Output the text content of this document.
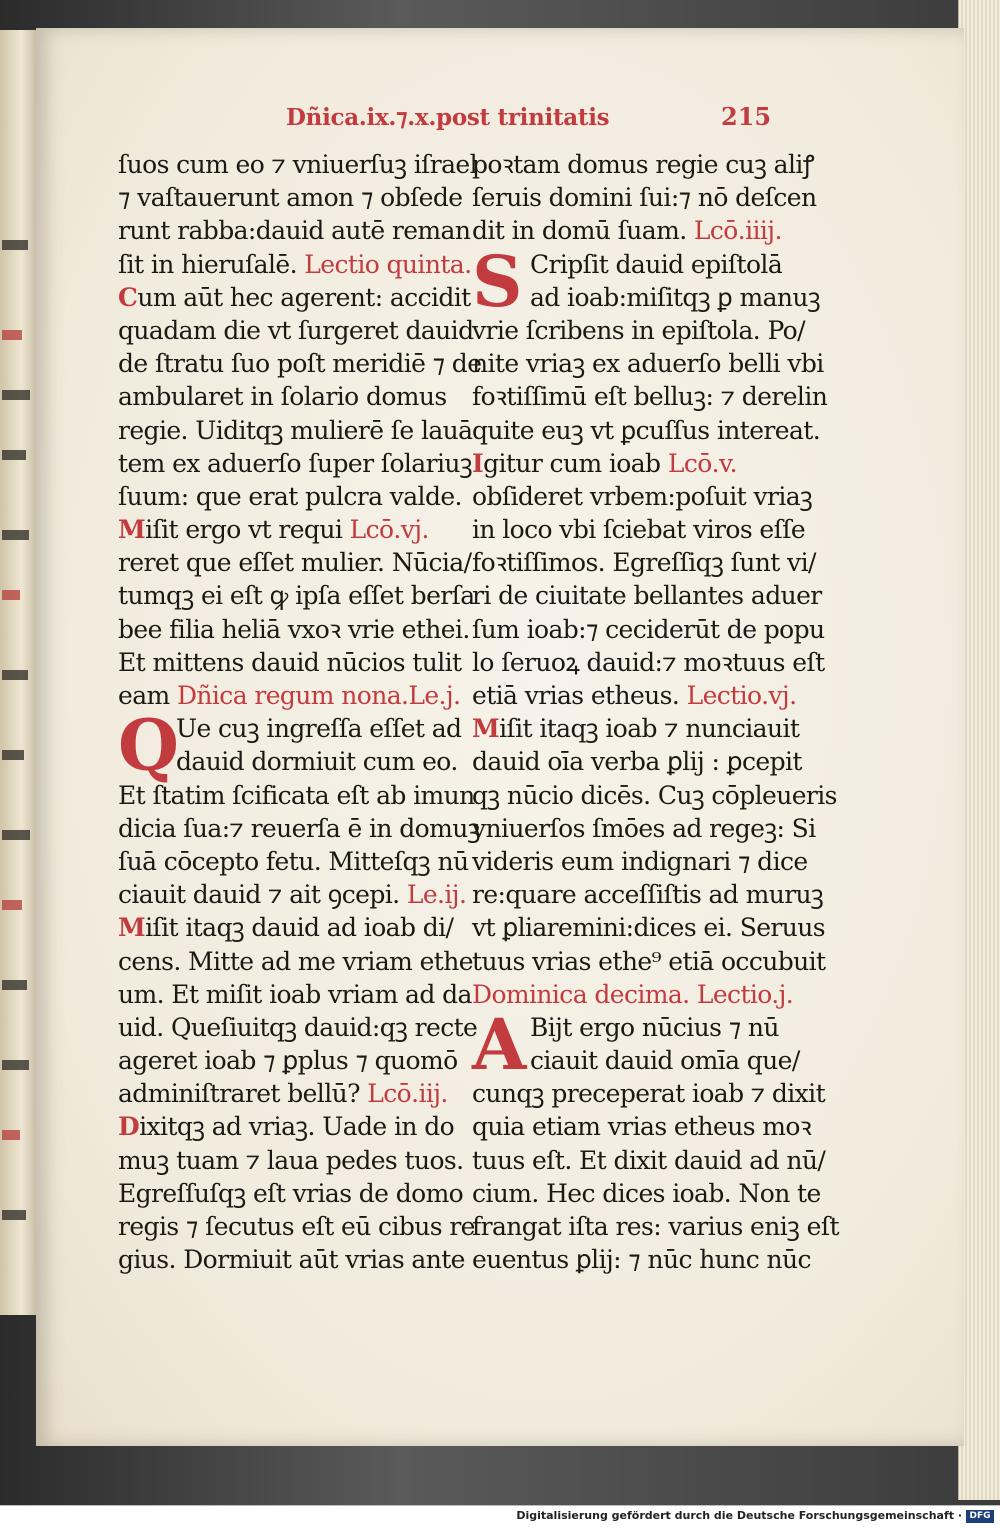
Dñica.ix.⁊.x.post trinitatis	215
ſuos cum eo ⁊ vniuerſuꝫ iſrael
⁊ vaſtauerunt amon ⁊ obſede
runt rabba:dauid autē reman
ſit in hieruſalē. Lectio quinta.
Cum aūt hec agerent: accidit
quadam die vt ſurgeret dauid
de ſtratu ſuo poſt meridiē ⁊ de
ambularet in ſolario domus
regie. Uiditqꝫ mulierē ſe lauā
tem ex aduerſo ſuper ſolariuꝫ
ſuum: que erat pulcra valde.
Miſit ergo vt requi Lcō.vj.
reret que eſſet mulier. Nūcia/
tumqꝫ ei eſt ꝙ ipſa eſſet berſa
bee filia heliā vxoꝛ vrie ethei.
Et mittens dauid nūcios tulit
eam Dñica regum nona.Le.j.
Q
Ue cuꝫ ingreſſa eſſet ad
dauid dormiuit cum eo.
Et ſtatim ſcificata eſt ab imun
dicia ſua:⁊ reuerſa ē in domuꝫ
ſuā cōcepto fetu. Mitteſqꝫ nū
ciauit dauid ⁊ ait ꝯcepi. Le.ij.
Miſit itaqꝫ dauid ad ioab di/
cens. Mitte ad me vriam ethe
um. Et miſit ioab vriam ad da
uid. Queſiuitqꝫ dauid:qꝫ recte
ageret ioab ⁊ ꝑplus ⁊ quomō
adminiſtraret bellū? Lcō.iij.
Dixitqꝫ ad vriaꝫ. Uade in do
muꝫ tuam ⁊ laua pedes tuos.
Egreſſuſqꝫ eſt vrias de domo
regis ⁊ ſecutus eſt eū cibus re
gius. Dormiuit aūt vrias ante
poꝛtam domus regie cuꝫ aliꝭ
ſeruis domini ſui:⁊ nō deſcen
dit in domū ſuam. Lcō.iiij.
S Cripſit dauid epiſtolā
ad ioab:miſitqꝫ ꝑ manuꝫ
vrie ſcribens in epiſtola. Po/
nite vriaꝫ ex aduerſo belli vbi
foꝛtiſſimū eſt belluꝫ: ⁊ derelin
quite euꝫ vt ꝑcuſſus intereat.
Igitur cum ioab Lcō.v.
obſideret vrbem:poſuit vriaꝫ
in loco vbi ſciebat viros eſſe
foꝛtiſſimos. Egreſſiqꝫ ſunt vi/
ri de ciuitate bellantes aduer
ſum ioab:⁊ ceciderūt de popu
lo ſeruoꝝ dauid:⁊ moꝛtuus eſt
etiā vrias etheus. Lectio.vj.
Miſit itaqꝫ ioab ⁊ nunciauit
dauid oīa verba ꝑlij : ꝑcepit
qꝫ nūcio dicēs. Cuꝫ cōpleueris
vniuerſos ſmōes ad regeꝫ: Si
videris eum indignari ⁊ dice
re:quare acceſſiſtis ad muruꝫ
vt ꝑliaremini:dices ei. Seruus
tuus vrias ethe⁹ etiā occubuit
Dominica decima. Lectio.j.
A Bijt ergo nūcius ⁊ nū
ciauit dauid omīa que/
cunqꝫ preceperat ioab ⁊ dixit
quia etiam vrias etheus moꝛ
tuus eſt. Et dixit dauid ad nū/
cium. Hec dices ioab. Non te
frangat iſta res: varius eniꝫ eſt
euentus ꝑlij: ⁊ nūc hunc nūc
Digitalisierung gefördert durch die Deutsche Forschungsgemeinschaft · DFG
